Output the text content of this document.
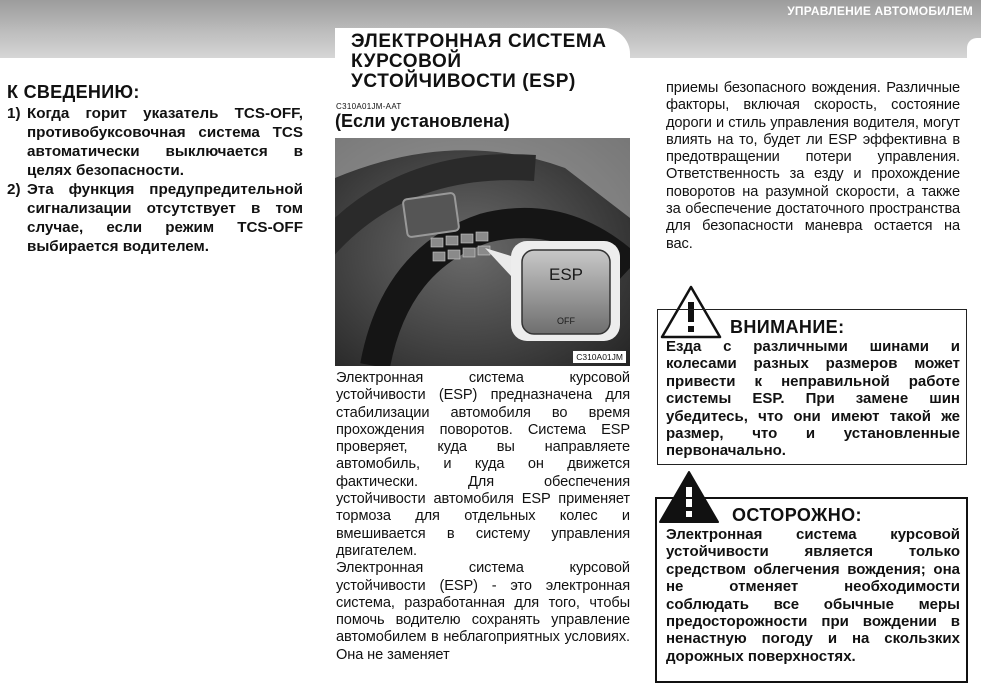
УПРАВЛЕНИЕ АВТОМОБИЛЕМ
ЭЛЕКТРОННАЯ СИСТЕМА
КУРСОВОЙ
УСТОЙЧИВОСТИ (ESP)
К СВЕДЕНИЮ:
1) Когда горит указатель TCS-OFF, противобуксовочная система TCS автоматически выключается в целях безопасности.
2) Эта функция предупредительной сигнализации отсутствует в том случае, если режим TCS-OFF выбирается водителем.
C310A01JM-AAT
(Если установлена)
ESP
OFF
C310A01JM

Электронная система курсовой устойчивости (ESP) предназначена для стабилизации автомобиля во время прохождения поворотов. Система ESP проверяет, куда вы направляете автомобиль, и куда он движется фактически. Для обеспечения устойчивости автомобиля ESP применяет тормоза для отдельных колес и вмешивается в систему управления двигателем.

Электронная система курсовой устойчивости (ESP) - это электронная система, разработанная для того, чтобы помочь водителю сохранять управление автомобилем в неблагоприятных условиях. Она не заменяет

приемы безопасного вождения. Различные факторы, включая скорость, состояние дороги и стиль управления водителя, могут влиять на то, будет ли ESP эффективна в предотвращении потери управления. Ответственность за езду и прохождение поворотов на разумной скорости, а также за обеспечение достаточного пространства для безопасности маневра остается на вас.
ВНИМАНИЕ:
Езда с различными шинами и колесами разных размеров может привести к неправильной работе системы ESP. При замене шин убедитесь, что они имеют такой же размер, что и установленные первоначально.
ОСТОРОЖНО:
Электронная система курсовой устойчивости является только средством облегчения вождения; она не отменяет необходимости соблюдать все обычные меры предосторожности при вождении в ненастную погоду и на скользких дорожных поверхностях.
